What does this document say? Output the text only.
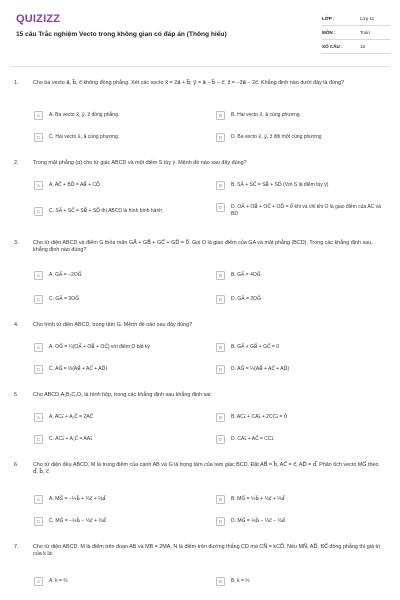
QUIZIZZ
15 câu Trắc nghiệm Vecto trong không gian có đáp án (Thông hiểu)
LỚP :	Lớp 11
MÔN :	Toán
SỐ CÂU :	15
1.	Cho ba vecto a⃗, b⃗, c⃗ không đồng phẳng. Xét các vecto x⃗ = 2a⃗ + b⃗; y⃗ = a⃗ − b⃗ − c⃗, z⃗ = −3a⃗ − 2c⃗. Khẳng định nào dưới đây là đúng?
A	A. Ba vecto x⃗, y⃗, z⃗ đồng phẳng.	B	B. Hai vecto x⃗, a⃗ cùng phương.
C	C. Hai vecto x⃗, a⃗ cùng phương.	D	D. Ba vecto x⃗, y⃗, z⃗ đôi một cùng phương
2.	Trong mặt phẳng (α) cho tứ giác ABCD và một điểm S tùy ý. Mệnh đề nào sau đây đúng?
A	A. AC⃗ + BD⃗ = AB⃗ + CD⃗	B	B. SA⃗ + SC⃗ = SB⃗ + SD⃗ (Với S là điểm tùy ý)
C	C. SA⃗ + SC⃗ = SB⃗ + SD⃗ thì ABCD là hình bình hành
D	D. OA⃗ + OB⃗ + OC⃗ + OD⃗ = 0⃗ khi và chỉ khi O là giao điểm của AC và BD
3.	Cho tứ diện ABCD và điểm G thỏa mãn GA⃗ + GB⃗ + GC⃗ + GD⃗ = 0⃗. Gọi O là giao điểm của GA và mặt phẳng (BCD). Trong các khẳng định sau, khẳng định nào đúng?
A	A. GA⃗ = −2OG⃗	B	B. GA⃗ = 4OG⃗
C	C. GA⃗ = 3OG⃗	D	D. GA⃗ = 2OG⃗
4.	Cho hình tứ diện ABCD, trọng tâm G. Mệnh đề nào sau đây đúng?
A	A. OG⃗ = ¼(OA⃗ + OB⃗ + OC⃗) với điểm O bất kỳ	B	B. GA⃗ + GB⃗ + GC⃗ = 0
C	C. AG⃗ = ⅔(AB⃗ + AC⃗ + AD⃗)	D	D. AG⃗ = ¼(AB⃗ + AC⃗ + AD⃗)
5.	Cho ABCD.A₁B₁C₁D₁ là hình hộp, trong các khẳng định sau khẳng định sai:
A	A. AC₁⃗ + A₁C⃗ = 2AC⃗	B	B. AC₁⃗ + CA₁⃗ + 2CC₁⃗ = 0⃗
C	C. AC₁⃗ + A₁C⃗ = AA₁⃗	D	D. CA₁⃗ + AC⃗ = CC₁⃗
6.	Cho tứ diện đều ABCD, M là trung điểm của cạnh AB và G là trọng tâm của tam giác BCD. Đặt AB⃗ = b⃗, AC⃗ = c⃗, AD⃗ = d⃗. Phân tích vecto MG⃗ theo d⃗, b⃗, c⃗
A	A. MG⃗ = −⅙b⃗ + ⅓c⃗ + ⅓d⃗	B	B. MG⃗ = ⅙b⃗ + ⅓c⃗ + ⅓d⃗
C	C. MG⃗ = −⅙b⃗ − ⅓c⃗ + ⅓d⃗	D	D. MG⃗ = ⅙b⃗ − ⅓c⃗ − ⅓d⃗
7.	Cho tứ diện ABCD. M là điểm trên đoạn AB và MB = 2MA. N là điểm trên đường thẳng CD mà CN⃗ = kCD⃗. Nếu MN⃗, AD⃗, BC⃗ đồng phẳng thì giá trị của k là:
A	A. k = ⅔	B	B. k = ⅔
